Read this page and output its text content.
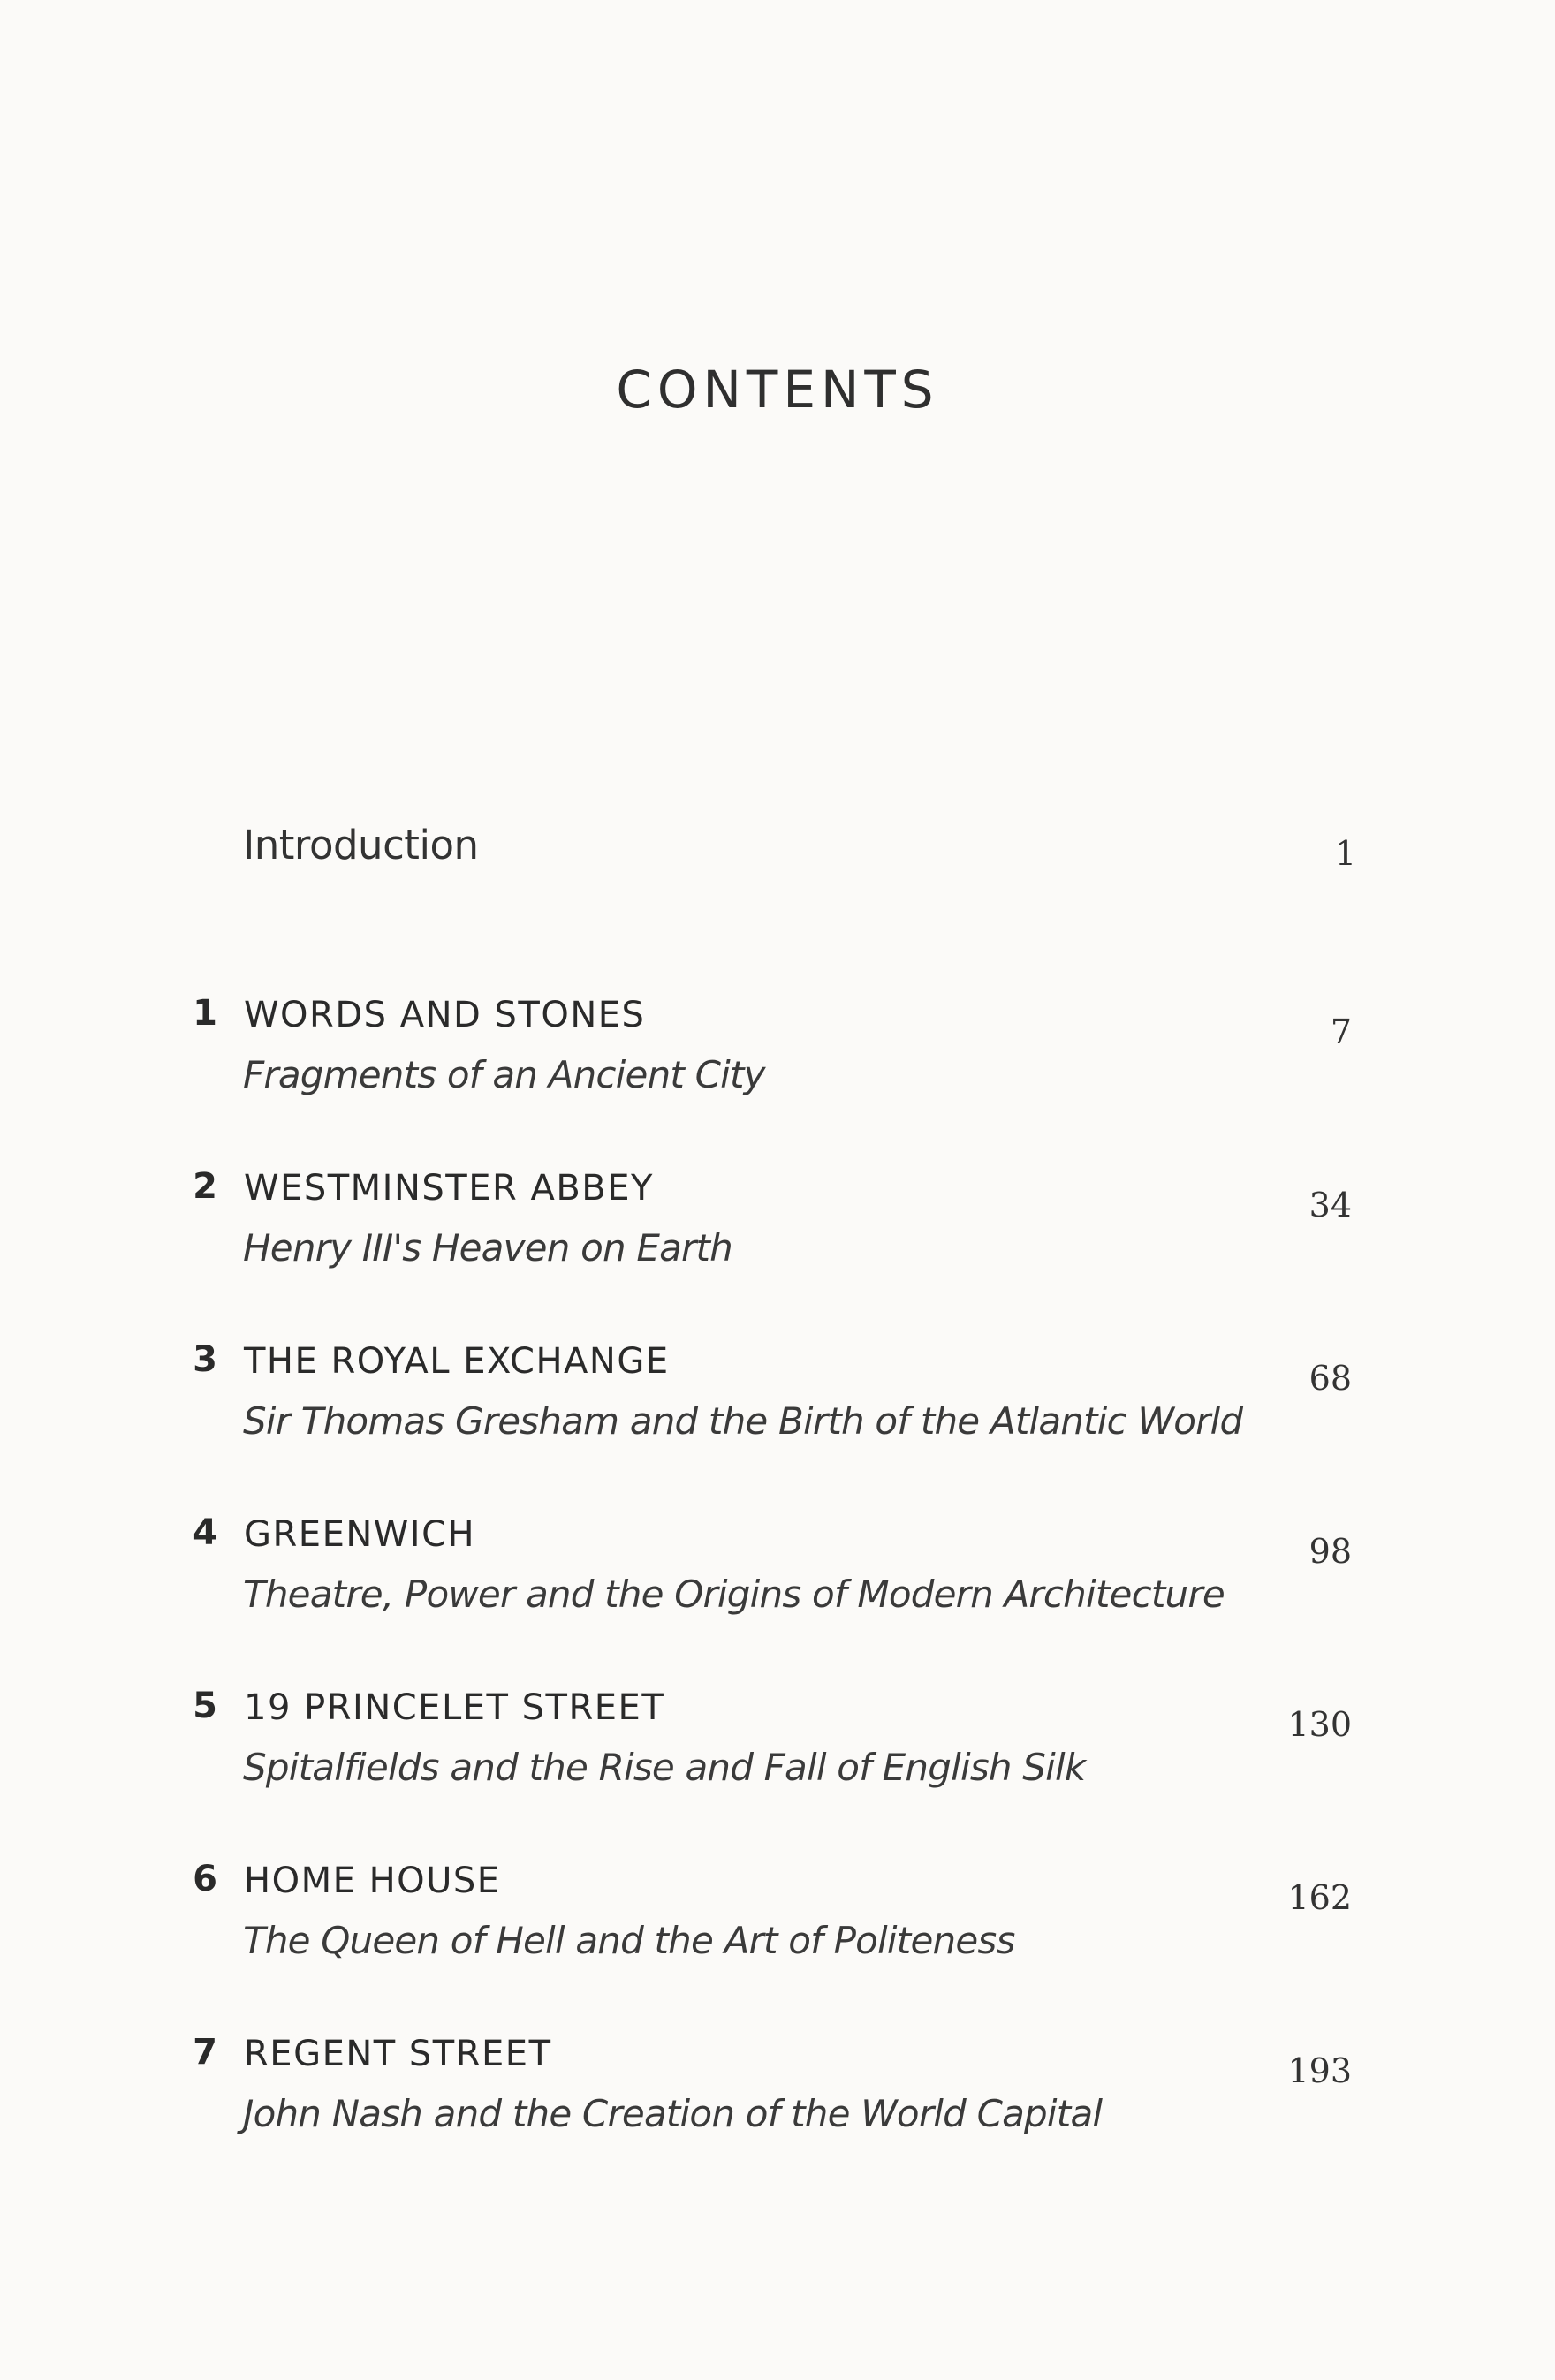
CONTENTS
Introduction	1
1 WORDS AND STONES
Fragments of an Ancient City
7
2 WESTMINSTER ABBEY
Henry III's Heaven on Earth
34
3 THE ROYAL EXCHANGE
Sir Thomas Gresham and the Birth of the Atlantic World
68
4 GREENWICH
Theatre, Power and the Origins of Modern Architecture
98
5 19 PRINCELET STREET
Spitalfields and the Rise and Fall of English Silk
130
6 HOME HOUSE
The Queen of Hell and the Art of Politeness
162
7 REGENT STREET
John Nash and the Creation of the World Capital
193
